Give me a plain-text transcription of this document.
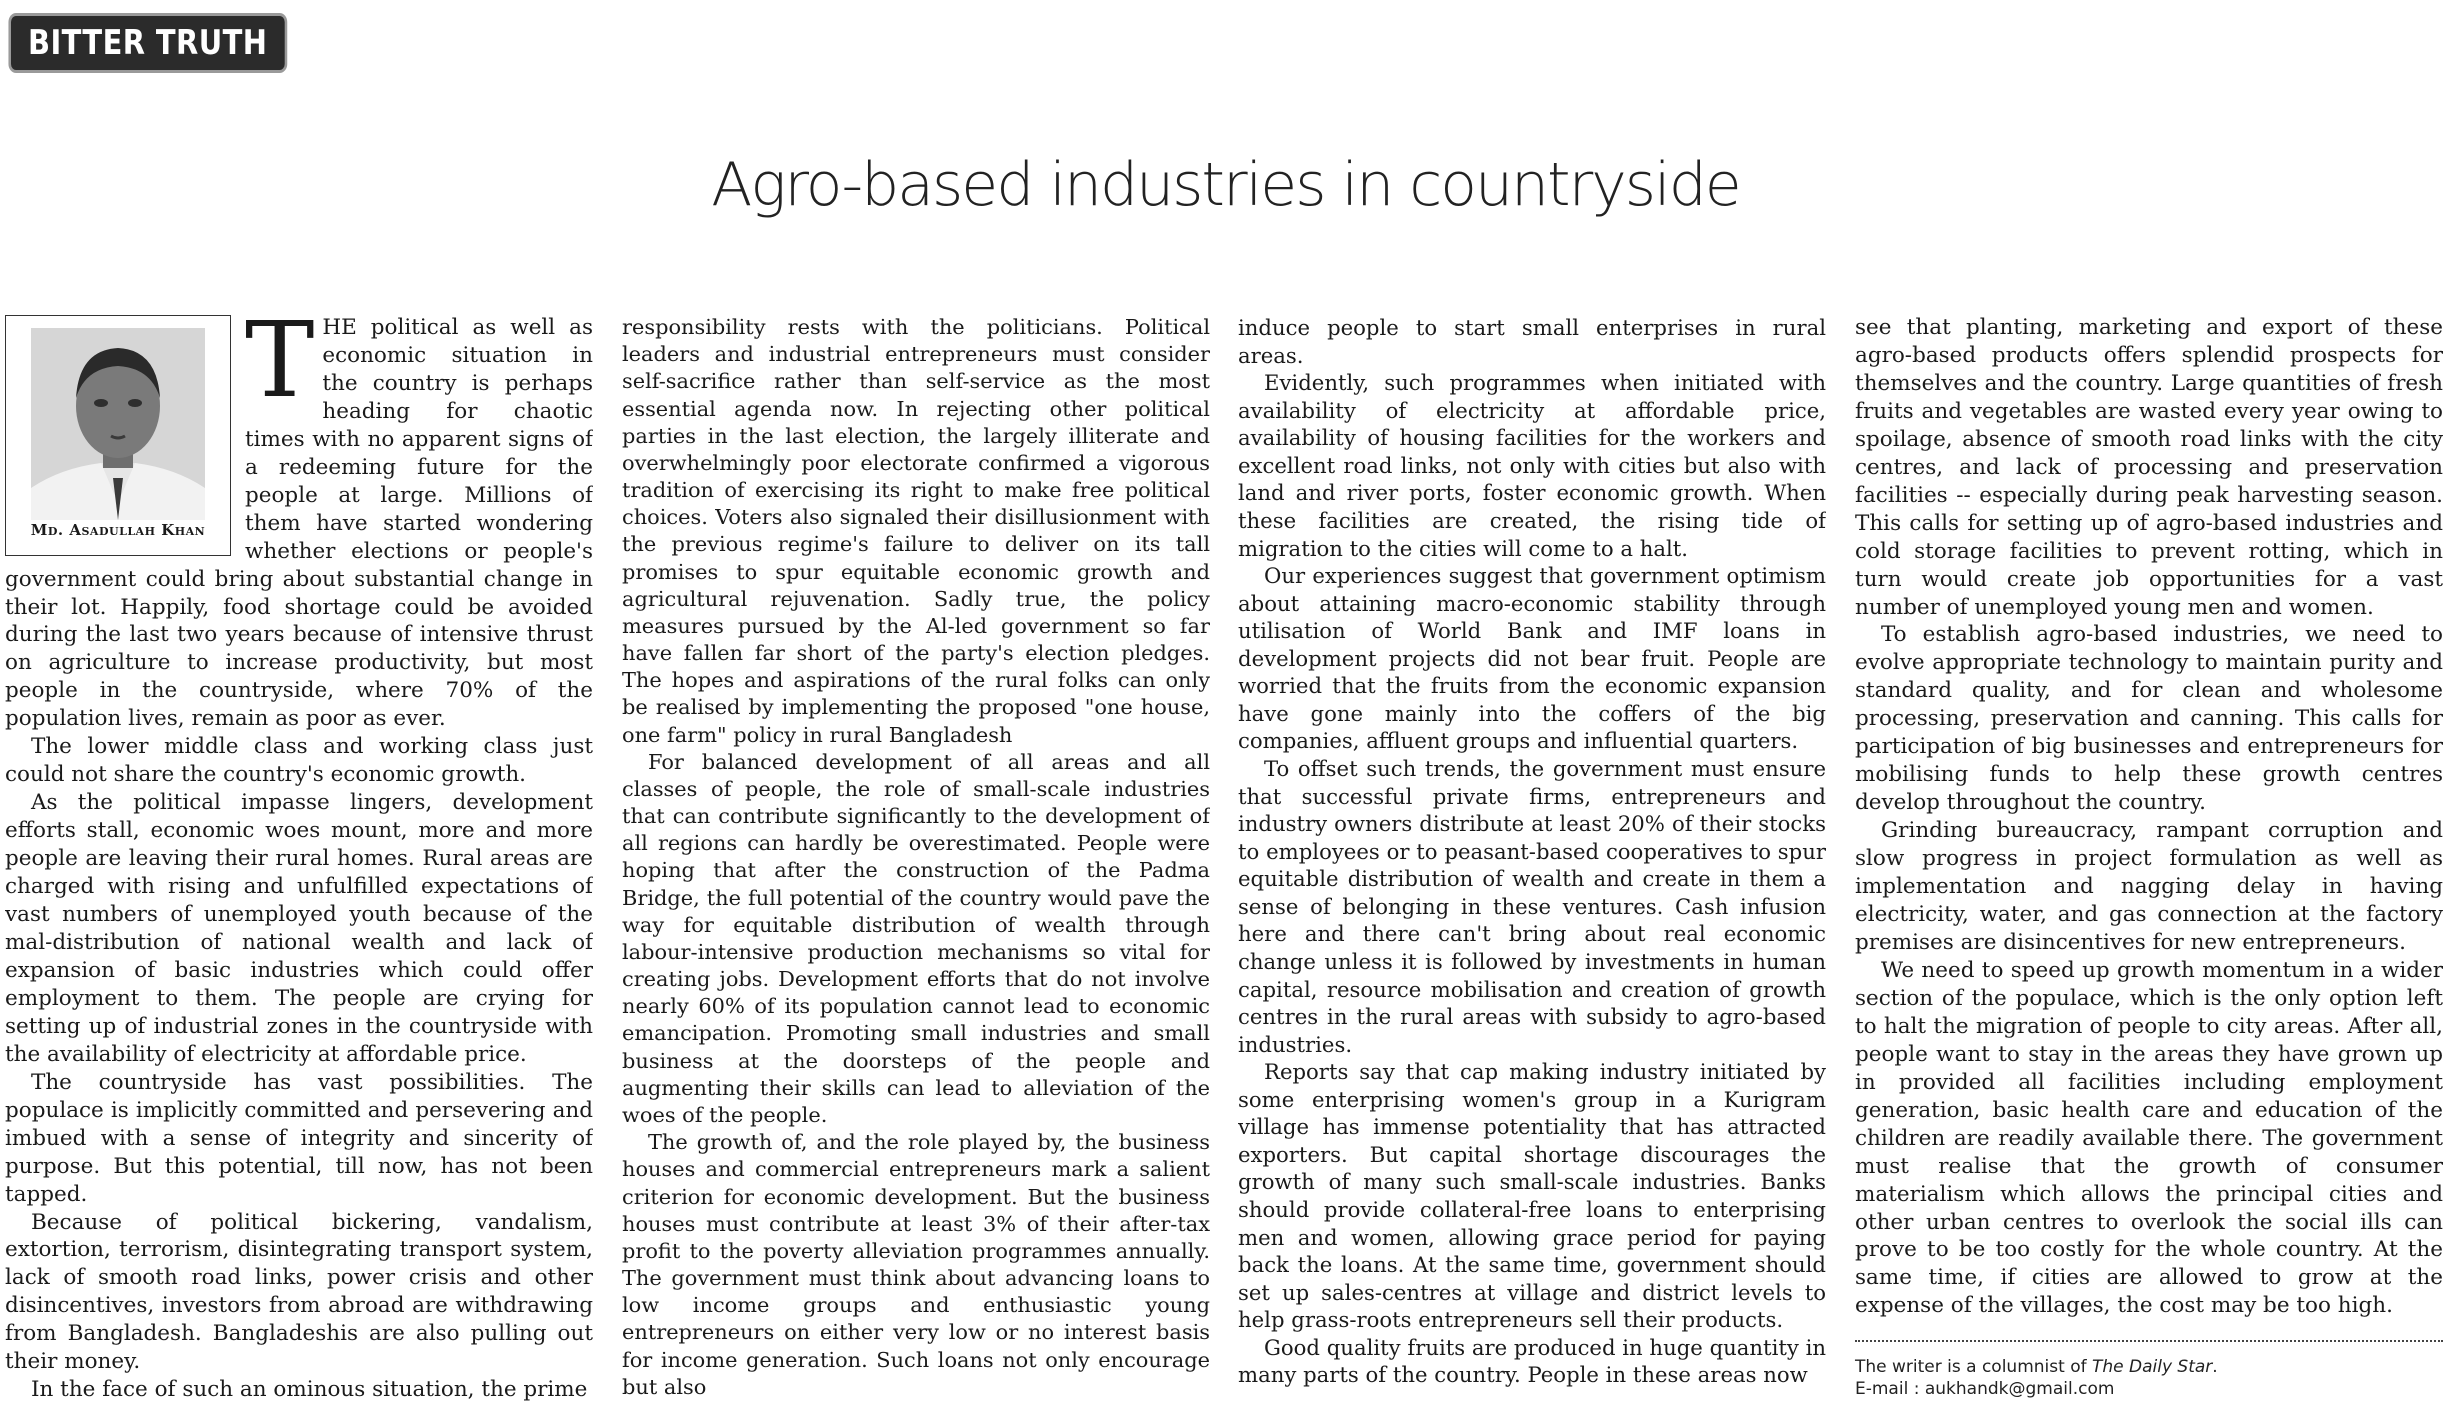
BITTER TRUTH
Agro-based industries in countryside
Md. Asadullah Khan
T HE political as well as economic situation in the country is perhaps heading for chaotic times with no apparent signs of a redeeming future for the people at large. Millions of them have started wondering whether elections or people's government could bring about substantial change in their lot. Happily, food shortage could be avoided during the last two years because of intensive thrust on agriculture to increase productivity, but most people in the countryside, where 70% of the population lives, remain as poor as ever.

The lower middle class and working class just could not share the country's economic growth.

As the political impasse lingers, development efforts stall, economic woes mount, more and more people are leaving their rural homes. Rural areas are charged with rising and unfulfilled expectations of vast numbers of unemployed youth because of the mal-distribution of national wealth and lack of expansion of basic industries which could offer employment to them. The people are crying for setting up of industrial zones in the countryside with the availability of electricity at affordable price.

The countryside has vast possibilities. The populace is implicitly committed and persevering and imbued with a sense of integrity and sincerity of purpose. But this potential, till now, has not been tapped.

Because of political bickering, vandalism, extortion, terrorism, disintegrating transport system, lack of smooth road links, power crisis and other disincentives, investors from abroad are withdrawing from Bangladesh. Bangladeshis are also pulling out their money.

In the face of such an ominous situation, the prime

responsibility rests with the politicians. Political leaders and industrial entrepreneurs must consider self-sacrifice rather than self-service as the most essential agenda now. In rejecting other political parties in the last election, the largely illiterate and overwhelmingly poor electorate confirmed a vigorous tradition of exercising its right to make free political choices. Voters also signaled their disillusionment with the previous regime's failure to deliver on its tall promises to spur equitable economic growth and agricultural rejuvenation. Sadly true, the policy measures pursued by the Al-led government so far have fallen far short of the party's election pledges. The hopes and aspirations of the rural folks can only be realised by implementing the proposed "one house, one farm" policy in rural Bangladesh

For balanced development of all areas and all classes of people, the role of small-scale industries that can contribute significantly to the development of all regions can hardly be overestimated. People were hoping that after the construction of the Padma Bridge, the full potential of the country would pave the way for equitable distribution of wealth through labour-intensive production mechanisms so vital for creating jobs. Development efforts that do not involve nearly 60% of its population cannot lead to economic emancipation. Promoting small industries and small business at the doorsteps of the people and augmenting their skills can lead to alleviation of the woes of the people.

The growth of, and the role played by, the business houses and commercial entrepreneurs mark a salient criterion for economic development. But the business houses must contribute at least 3% of their after-tax profit to the poverty alleviation programmes annually. The government must think about advancing loans to low income groups and enthusiastic young entrepreneurs on either very low or no interest basis for income generation. Such loans not only encourage but also

induce people to start small enterprises in rural areas.

Evidently, such programmes when initiated with availability of electricity at affordable price, availability of housing facilities for the workers and excellent road links, not only with cities but also with land and river ports, foster economic growth. When these facilities are created, the rising tide of migration to the cities will come to a halt.

Our experiences suggest that government optimism about attaining macro-economic stability through utilisation of World Bank and IMF loans in development projects did not bear fruit. People are worried that the fruits from the economic expansion have gone mainly into the coffers of the big companies, affluent groups and influential quarters.

To offset such trends, the government must ensure that successful private firms, entrepreneurs and industry owners distribute at least 20% of their stocks to employees or to peasant-based cooperatives to spur equitable distribution of wealth and create in them a sense of belonging in these ventures. Cash infusion here and there can't bring about real economic change unless it is followed by investments in human capital, resource mobilisation and creation of growth centres in the rural areas with subsidy to agro-based industries.

Reports say that cap making industry initiated by some enterprising women's group in a Kurigram village has immense potentiality that has attracted exporters. But capital shortage discourages the growth of many such small-scale industries. Banks should provide collateral-free loans to enterprising men and women, allowing grace period for paying back the loans. At the same time, government should set up sales-centres at village and district levels to help grass-roots entrepreneurs sell their products.

Good quality fruits are produced in huge quantity in many parts of the country. People in these areas now

see that planting, marketing and export of these agro-based products offers splendid prospects for themselves and the country. Large quantities of fresh fruits and vegetables are wasted every year owing to spoilage, absence of smooth road links with the city centres, and lack of processing and preservation facilities -- especially during peak harvesting season. This calls for setting up of agro-based industries and cold storage facilities to prevent rotting, which in turn would create job opportunities for a vast number of unemployed young men and women.

To establish agro-based industries, we need to evolve appropriate technology to maintain purity and standard quality, and for clean and wholesome processing, preservation and canning. This calls for participation of big businesses and entrepreneurs for mobilising funds to help these growth centres develop throughout the country.

Grinding bureaucracy, rampant corruption and slow progress in project formulation as well as implementation and nagging delay in having electricity, water, and gas connection at the factory premises are disincentives for new entrepreneurs.

We need to speed up growth momentum in a wider section of the populace, which is the only option left to halt the migration of people to city areas. After all, people want to stay in the areas they have grown up in provided all facilities including employment generation, basic health care and education of the children are readily available there. The government must realise that the growth of consumer materialism which allows the principal cities and other urban centres to overlook the social ills can prove to be too costly for the whole country. At the same time, if cities are allowed to grow at the expense of the villages, the cost may be too high.

The writer is a columnist of The Daily Star.
E-mail : aukhandk@gmail.com
